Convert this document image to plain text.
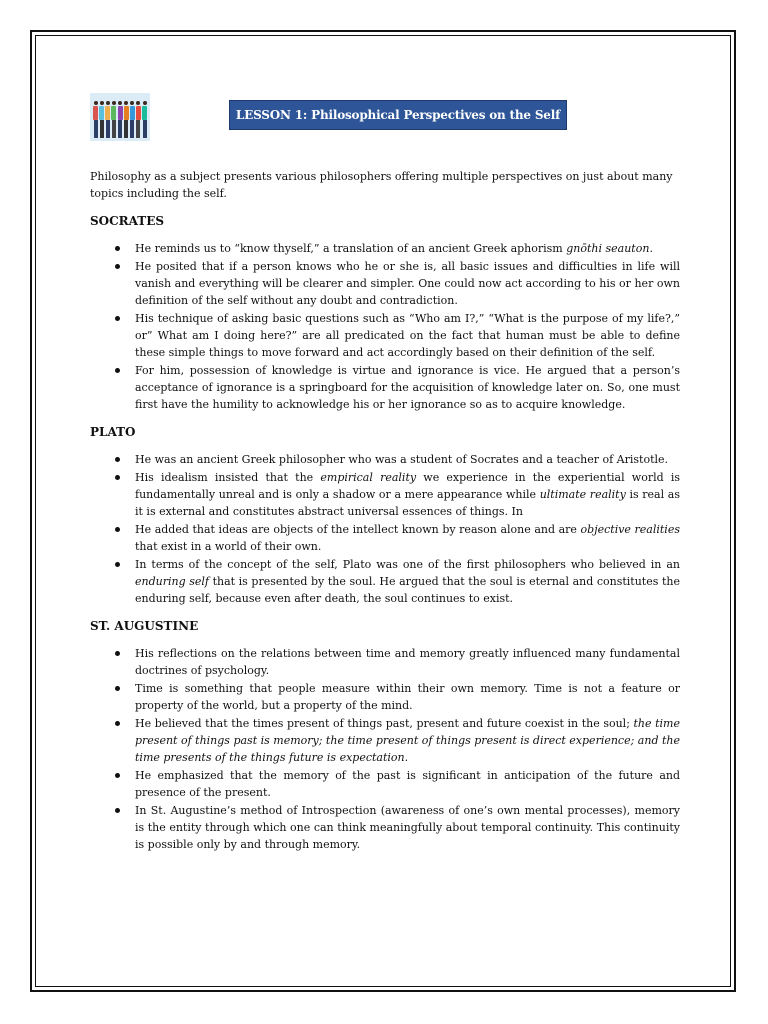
LESSON 1: Philosophical Perspectives on the Self

Philosophy as a subject presents various philosophers offering multiple perspectives on just about many topics including the self.

SOCRATES
He reminds us to “know thyself,” a translation of an ancient Greek aphorism gnōthi seauton.
He posited that if a person knows who he or she is, all basic issues and difficulties in life will vanish and everything will be clearer and simpler. One could now act according to his or her own definition of the self without any doubt and contradiction.
His technique of asking basic questions such as “Who am I?,” “What is the purpose of my life?,” or” What am I doing here?” are all predicated on the fact that human must be able to define these simple things to move forward and act accordingly based on their definition of the self.
For him, possession of knowledge is virtue and ignorance is vice. He argued that a person’s acceptance of ignorance is a springboard for the acquisition of knowledge later on. So, one must first have the humility to acknowledge his or her ignorance so as to acquire knowledge.
PLATO
He was an ancient Greek philosopher who was a student of Socrates and a teacher of Aristotle.
His idealism insisted that the empirical reality we experience in the experiential world is fundamentally unreal and is only a shadow or a mere appearance while ultimate reality is real as it is external and constitutes abstract universal essences of things. In
He added that ideas are objects of the intellect known by reason alone and are objective realities that exist in a world of their own.
In terms of the concept of the self, Plato was one of the first philosophers who believed in an enduring self that is presented by the soul. He argued that the soul is eternal and constitutes the enduring self, because even after death, the soul continues to exist.
ST. AUGUSTINE
His reflections on the relations between time and memory greatly influenced many fundamental doctrines of psychology.
Time is something that people measure within their own memory. Time is not a feature or property of the world, but a property of the mind.
He believed that the times present of things past, present and future coexist in the soul; the time present of things past is memory; the time present of things present is direct experience; and the time presents of the things future is expectation.
He emphasized that the memory of the past is significant in anticipation of the future and presence of the present.
In St. Augustine’s method of Introspection (awareness of one’s own mental processes), memory is the entity through which one can think meaningfully about temporal continuity. This continuity is possible only by and through memory.
